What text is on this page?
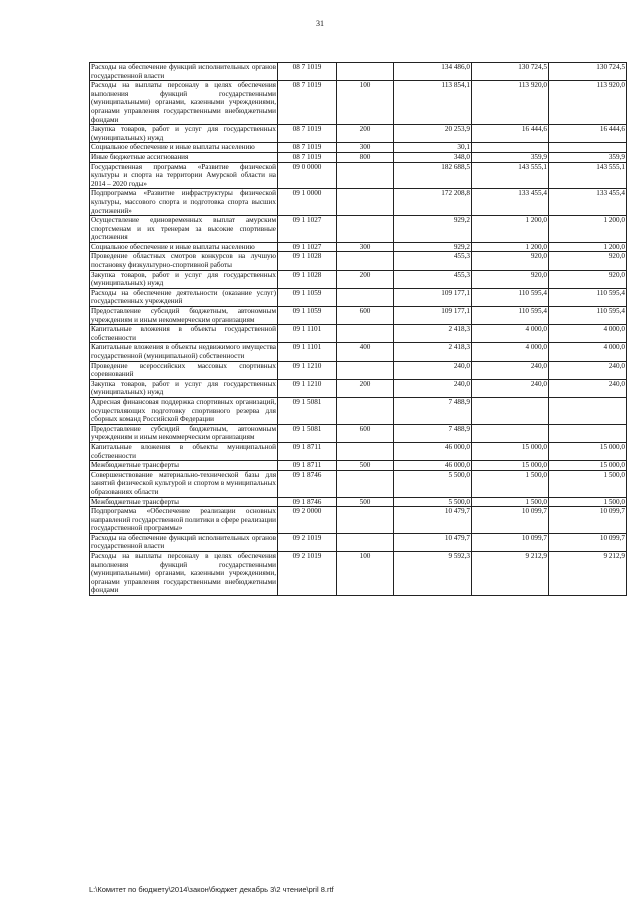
31
Расходы на обеспечение функций исполнительных органов государственной власти	08 7 1019		134 486,0	130 724,5	130 724,5
Расходы на выплаты персоналу в целях обеспечения выполнения функций государственными (муниципальными) органами, казенными учреждениями, органами управления государственными внебюджетными фондами	08 7 1019	100	113 854,1	113 920,0	113 920,0
Закупка товаров, работ и услуг для государственных (муниципальных) нужд	08 7 1019	200	20 253,9	16 444,6	16 444,6
Социальное обеспечение и иные выплаты населению	08 7 1019	300	30,1		
Иные бюджетные ассигнования	08 7 1019	800	348,0	359,9	359,9
Государственная программа «Развитие физической культуры и спорта на территории Амурской области на 2014 – 2020 годы»	09 0 0000		182 688,5	143 555,1	143 555,1
Подпрограмма «Развитие инфраструктуры физической культуры, массового спорта и подготовка спорта высших достижений»	09 1 0000		172 208,8	133 455,4	133 455,4
Осуществление единовременных выплат амурским спортсменам и их тренерам за высокие спортивные достижения	09 1 1027		929,2	1 200,0	1 200,0
Социальное обеспечение и иные выплаты населению	09 1 1027	300	929,2	1 200,0	1 200,0
Проведение областных смотров конкурсов на лучшую постановку физкультурно-спортивной работы	09 1 1028		455,3	920,0	920,0
Закупка товаров, работ и услуг для государственных (муниципальных) нужд	09 1 1028	200	455,3	920,0	920,0
Расходы на обеспечение деятельности (оказание услуг) государственных учреждений	09 1 1059		109 177,1	110 595,4	110 595,4
Предоставление субсидий бюджетным, автономным учреждениям и иным некоммерческим организациям	09 1 1059	600	109 177,1	110 595,4	110 595,4
Капитальные вложения в объекты государственной собственности	09 1 1101		2 418,3	4 000,0	4 000,0
Капитальные вложения в объекты недвижимого имущества государственной (муниципальной) собственности	09 1 1101	400	2 418,3	4 000,0	4 000,0
Проведение всероссийских массовых спортивных соревнований	09 1 1210		240,0	240,0	240,0
Закупка товаров, работ и услуг для государственных (муниципальных) нужд	09 1 1210	200	240,0	240,0	240,0
Адресная финансовая поддержка спортивных организаций, осуществляющих подготовку спортивного резерва для сборных команд Российской Федерации	09 1 5081		7 488,9		
Предоставление субсидий бюджетным, автономным учреждениям и иным некоммерческим организациям	09 1 5081	600	7 488,9		
Капитальные вложения в объекты муниципальной собственности	09 1 8711		46 000,0	15 000,0	15 000,0
Межбюджетные трансферты	09 1 8711	500	46 000,0	15 000,0	15 000,0
Совершенствование материально-технической базы для занятий физической культурой и спортом в муниципальных образованиях области	09 1 8746		5 500,0	1 500,0	1 500,0
Межбюджетные трансферты	09 1 8746	500	5 500,0	1 500,0	1 500,0
Подпрограмма «Обеспечение реализации основных направлений государственной политики в сфере реализации государственной программы»	09 2 0000		10 479,7	10 099,7	10 099,7
Расходы на обеспечение функций исполнительных органов государственной власти	09 2 1019		10 479,7	10 099,7	10 099,7
Расходы на выплаты персоналу в целях обеспечения выполнения функций государственными (муниципальными) органами, казенными учреждениями, органами управления государственными внебюджетными фондами	09 2 1019	100	9 592,3	9 212,9	9 212,9
L:\Комитет по бюджету\2014\закон\бюджет декабрь 3\2 чтение\pril 8.rtf
